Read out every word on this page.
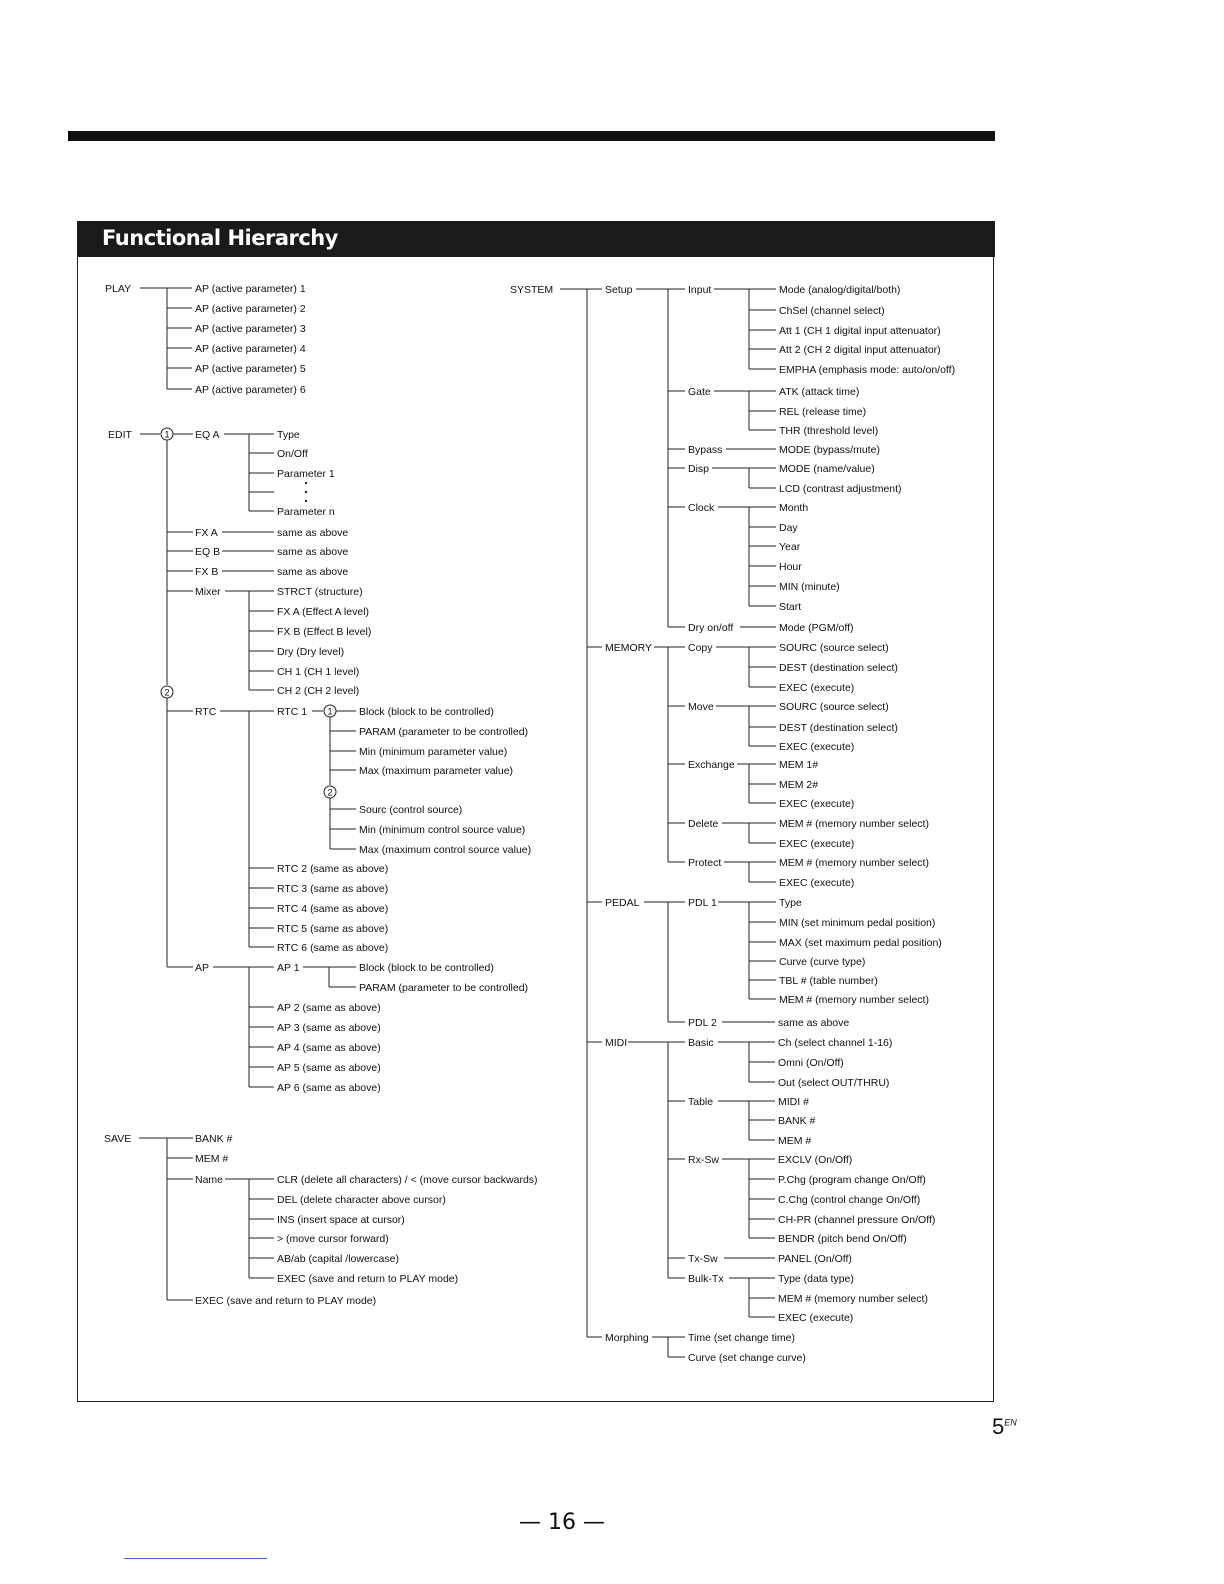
Functional Hierarchy
PLAY	AP (active parameter) 1
AP (active parameter) 2
AP (active parameter) 3
AP (active parameter) 4
AP (active parameter) 5
AP (active parameter) 6
EDIT	1
2
EQ A	Type
On/Off
Parameter 1
Parameter n
FX A	same as above
EQ B	same as above
FX B	same as above
Mixer	STRCT (structure)
FX A (Effect A level)
FX B (Effect B level)
Dry (Dry level)
CH 1 (CH 1 level)
CH 2 (CH 2 level)
RTC	RTC 1 1
2
Block (block to be controlled)
PARAM (parameter to be controlled)
Min (minimum parameter value)
Max (maximum parameter value)
Sourc (control source)
Min (minimum control source value)
Max (maximum control source value)
RTC 2 (same as above)
RTC 3 (same as above)
RTC 4 (same as above)
RTC 5 (same as above)
RTC 6 (same as above)
AP	AP 1	Block (block to be controlled)
PARAM (parameter to be controlled)
AP 2 (same as above)
AP 3 (same as above)
AP 4 (same as above)
AP 5 (same as above)
AP 6 (same as above)
SAVE	BANK #
MEM #
Name	CLR (delete all characters) / < (move cursor backwards)
DEL (delete character above cursor)
INS (insert space at cursor)
> (move cursor forward)
AB/ab (capital /lowercase)
EXEC (save and return to PLAY mode)
EXEC (save and return to PLAY mode)
SYSTEM	Setup	Input	Mode (analog/digital/both)
ChSel (channel select)
Att 1 (CH 1 digital input attenuator)
Att 2 (CH 2 digital input attenuator)
EMPHA (emphasis mode: auto/on/off)
Gate	ATK (attack time)
REL (release time)
THR (threshold level)
Bypass	MODE (bypass/mute)
Disp	MODE (name/value)
LCD (contrast adjustment)
Clock	Month
Day
Year
Hour
MIN (minute)
Start
Dry on/off	Mode (PGM/off)
MEMORY	Copy	SOURC (source select)
DEST (destination select)
EXEC (execute)
Move	SOURC (source select)
DEST (destination select)
EXEC (execute)
Exchange	MEM 1#
MEM 2#
EXEC (execute)
Delete	MEM # (memory number select)
EXEC (execute)
Protect	MEM # (memory number select)
EXEC (execute)
PEDAL	PDL 1	Type
MIN (set minimum pedal position)
MAX (set maximum pedal position)
Curve (curve type)
TBL # (table number)
MEM # (memory number select)
PDL 2	same as above
MIDI	Basic	Ch (select channel 1-16)
Omni (On/Off)
Out (select OUT/THRU)
Table	MIDI #
BANK #
MEM #
Rx-Sw	EXCLV (On/Off)
P.Chg (program change On/Off)
C.Chg (control change On/Off)
CH-PR (channel pressure On/Off)
BENDR (pitch bend On/Off)
Tx-Sw	PANEL (On/Off)
Bulk-Tx	Type (data type)
MEM # (memory number select)
EXEC (execute)
Morphing	Time (set change time)
Curve (set change curve)
$5^{EN}$
— 16 —
